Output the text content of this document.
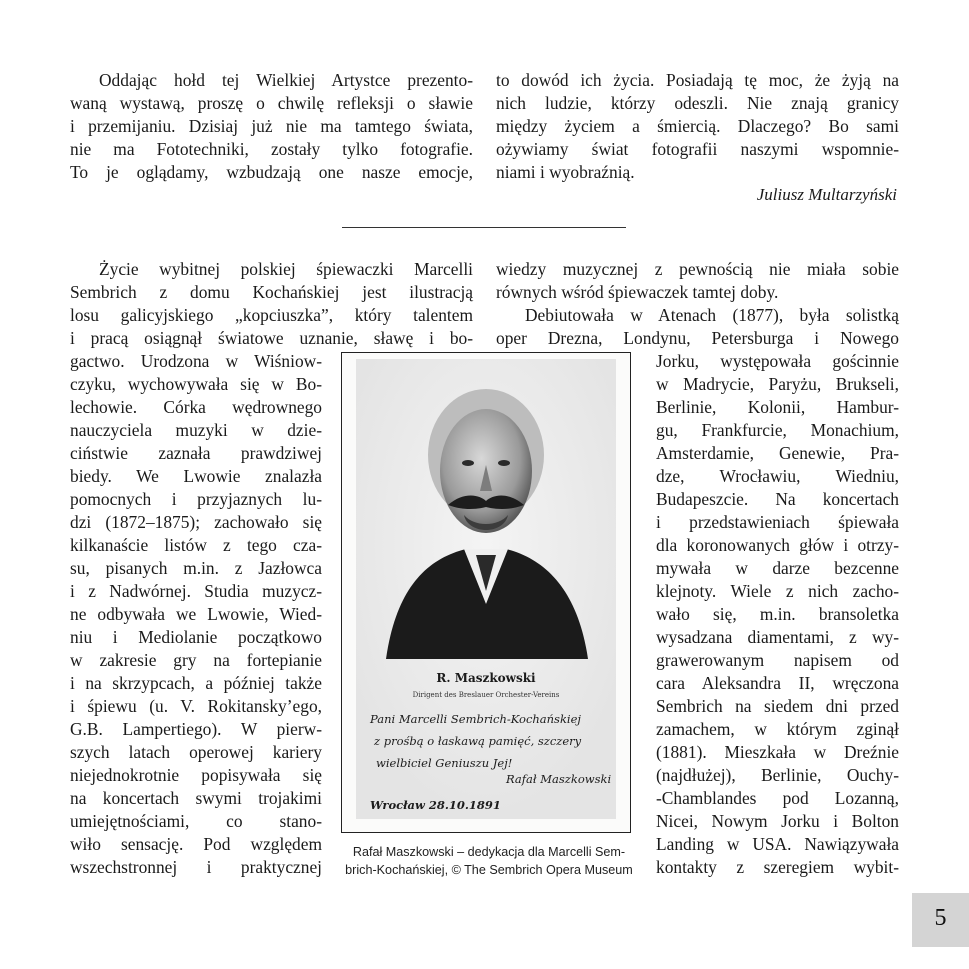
Oddając hołd tej Wielkiej Artystce prezento-
waną wystawą, proszę o chwilę refleksji o sławie
i przemijaniu. Dzisiaj już nie ma tamtego świata,
nie ma Fototechniki, zostały tylko fotografie.
To je oglądamy, wzbudzają one nasze emocje,
to dowód ich życia. Posiadają tę moc, że żyją na
nich ludzie, którzy odeszli. Nie znają granicy
między życiem a śmiercią. Dlaczego? Bo sami
ożywiamy świat fotografii naszymi wspomnie-
niami i wyobraźnią.
Juliusz Multarzyński
Życie wybitnej polskiej śpiewaczki Marcelli
Sembrich z domu Kochańskiej jest ilustracją
losu galicyjskiego „kopciuszka”, który talentem
i pracą osiągnął światowe uznanie, sławę i bo-
gactwo. Urodzona w Wiśniow-
czyku, wychowywała się w Bo-
lechowie. Córka wędrownego
nauczyciela muzyki w dzie-
ciństwie zaznała prawdziwej
biedy. We Lwowie znalazła
pomocnych i przyjaznych lu-
dzi (1872–1875); zachowało się
kilkanaście listów z tego cza-
su, pisanych m.in. z Jazłowca
i z Nadwórnej. Studia muzycz-
ne odbywała we Lwowie, Wied-
niu i Mediolanie początkowo
w zakresie gry na fortepianie
i na skrzypcach, a później także
i śpiewu (u. V. Rokitansky’ego,
G.B. Lampertiego). W pierw-
szych latach operowej kariery
niejednokrotnie popisywała się
na koncertach swymi trojakimi
umiejętnościami, co stano-
wiło sensację. Pod względem
wszechstronnej i praktycznej
wiedzy muzycznej z pewnością nie miała sobie
równych wśród śpiewaczek tamtej doby.
Debiutowała w Atenach (1877), była solistką
oper Drezna, Londynu, Petersburga i Nowego
Jorku, występowała gościnnie
w Madrycie, Paryżu, Brukseli,
Berlinie, Kolonii, Hambur-
gu, Frankfurcie, Monachium,
Amsterdamie, Genewie, Pra-
dze, Wrocławiu, Wiedniu,
Budapeszcie. Na koncertach
i przedstawieniach śpiewała
dla koronowanych głów i otrzy-
mywała w darze bezcenne
klejnoty. Wiele z nich zacho-
wało się, m.in. bransoletka
wysadzana diamentami, z wy-
grawerowanym napisem od
cara Aleksandra II, wręczona
Sembrich na siedem dni przed
zamachem, w którym zginął
(1881). Mieszkała w Dreźnie
(najdłużej), Berlinie, Ouchy-
-Chamblandes pod Lozanną,
Nicei, Nowym Jorku i Bolton
Landing w USA. Nawiązywała
kontakty z szeregiem wybit-
R. Maszkowski
Dirigent des Breslauer Orchester-Vereins
Pani Marcelli Sembrich-Kochańskiej
z prośbą o łaskawą pamięć, szczery
wielbiciel Geniuszu Jej!
Rafał Maszkowski
Wrocław 28.10.1891
Rafał Maszkowski – dedykacja dla Marcelli Sem-
brich-Kochańskiej, © The Sembrich Opera Museum
5
